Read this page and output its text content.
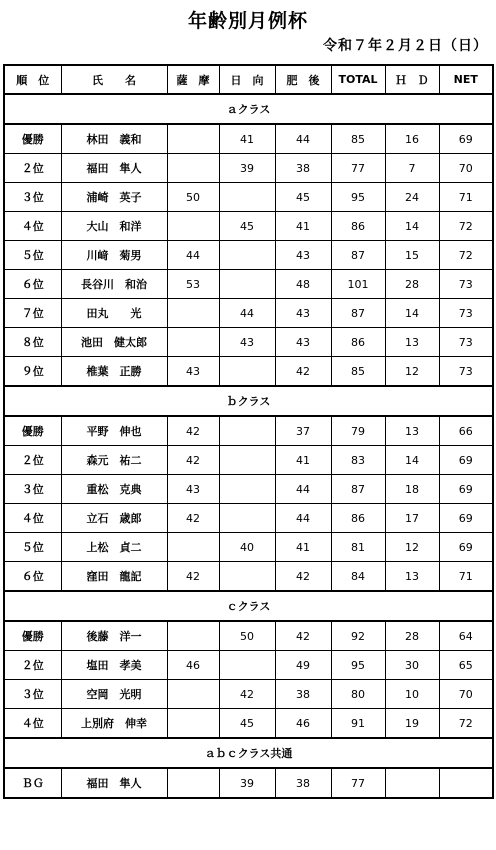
年齢別月例杯
令和７年２月２日（日）
順　位	氏　　名	薩　摩	日　向	肥　後	TOTAL	Ｈ　Ｄ	NET
ａクラス							
優勝	林田　義和		41	44	85	16	69
２位	福田　隼人		39	38	77	7	70
３位	浦崎　英子	50		45	95	24	71
４位	大山　和洋		45	41	86	14	72
５位	川﨑　菊男	44		43	87	15	72
６位	長谷川　和治	53		48	101	28	73
７位	田丸　　光		44	43	87	14	73
８位	池田　健太郎		43	43	86	13	73
９位	椎葉　正勝	43		42	85	12	73
ｂクラス							
優勝	平野　伸也	42		37	79	13	66
２位	森元　祐二	42		41	83	14	69
３位	重松　克典	43		44	87	18	69
４位	立石　歳郎	42		44	86	17	69
５位	上松　貞二		40	41	81	12	69
６位	窪田　龍記	42		42	84	13	71
ｃクラス							
優勝	後藤　洋一		50	42	92	28	64
２位	塩田　孝美	46		49	95	30	65
３位	空岡　光明		42	38	80	10	70
４位	上別府　伸幸		45	46	91	19	72
ａｂｃクラス共通							
ＢＧ	福田　隼人		39	38	77		
